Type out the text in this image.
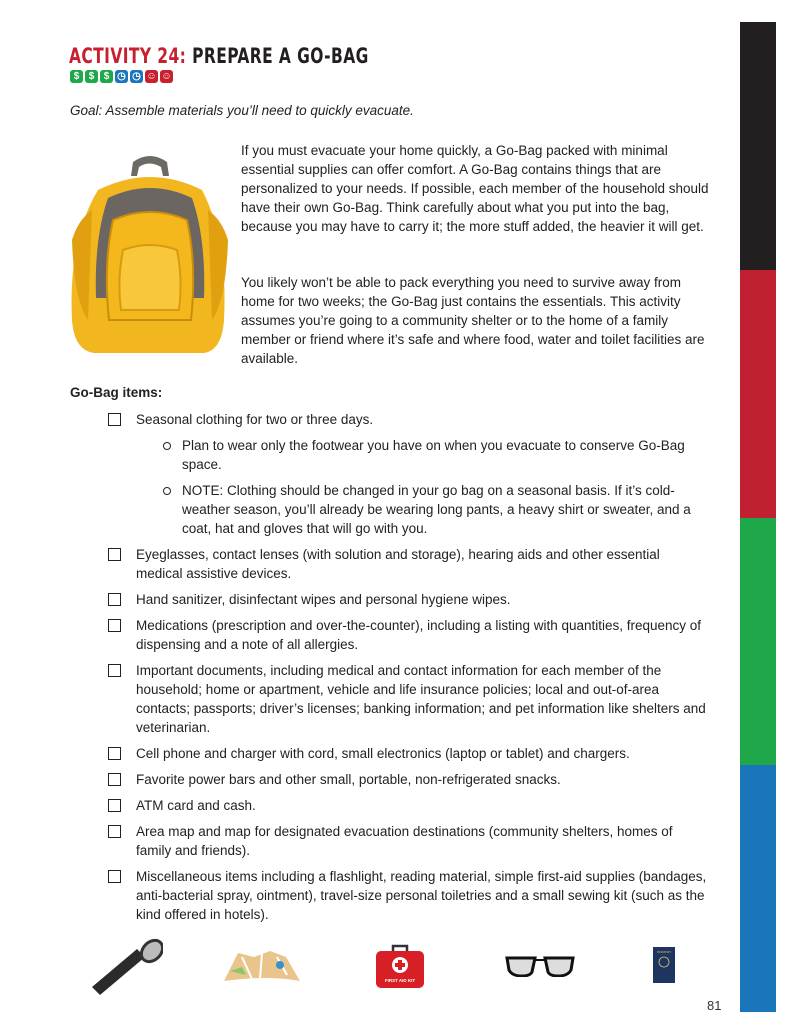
ACTIVITY 24: PREPARE A GO-BAG
$ $ $ ◷ ◷ ☺ ☺
Goal: Assemble materials you’ll need to quickly evacuate.
If you must evacuate your home quickly, a Go-Bag packed with minimal essential supplies can offer comfort. A Go-Bag contains things that are personalized to your needs. If possible, each member of the household should have their own Go-Bag. Think carefully about what you put into the bag, because you may have to carry it; the more stuff added, the heavier it will get.
You likely won’t be able to pack everything you need to survive away from home for two weeks; the Go-Bag just contains the essentials. This activity assumes you’re going to a community shelter or to the home of a family member or friend where it’s safe and where food, water and toilet facilities are available.
Go-Bag items:
Seasonal clothing for two or three days.
Plan to wear only the footwear you have on when you evacuate to conserve Go-Bag space.
NOTE: Clothing should be changed in your go bag on a seasonal basis. If it’s cold-weather season, you’ll already be wearing long pants, a heavy shirt or sweater, and a coat, hat and gloves that will go with you.
Eyeglasses, contact lenses (with solution and storage), hearing aids and other essential medical assistive devices.
Hand sanitizer, disinfectant wipes and personal hygiene wipes.
Medications (prescription and over-the-counter), including a listing with quantities, frequency of dispensing and a note of all allergies.
Important documents, including medical and contact information for each member of the household; home or apartment, vehicle and life insurance policies; local and out-of-area contacts; passports; driver’s licenses; banking information; and pet information like shelters and veterinarian.
Cell phone and charger with cord, small electronics (laptop or tablet) and chargers.
Favorite power bars and other small, portable, non-refrigerated snacks.
ATM card and cash.
Area map and map for designated evacuation destinations (community shelters, homes of family and friends).
Miscellaneous items including a flashlight, reading material, simple first-aid supplies (bandages, anti-bacterial spray, ointment), travel-size personal toiletries and a small sewing kit (such as the kind offered in hotels).
FIRST AID KIT
PASSPORT
81
